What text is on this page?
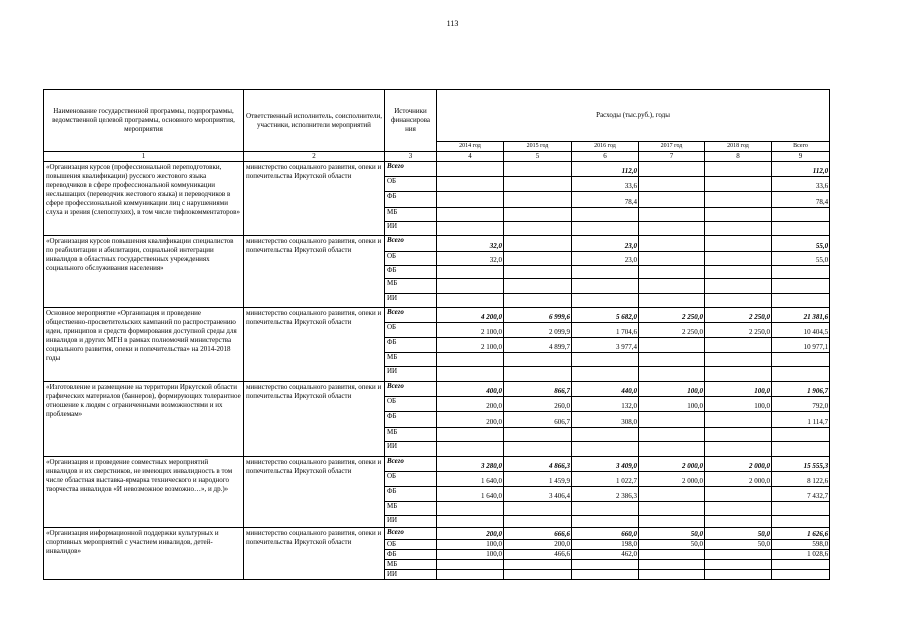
113
Наименование государственной программы, подпрограммы, ведомственной целевой программы, основного мероприятия, мероприятия	Ответственный исполнитель, соисполнители, участники, исполнители мероприятий	Источники финансирова ния	Расходы (тыс.руб.), годы					
			2014 год	2015 год	2016 год	2017 год	2018 год	Всего
1	2	3	4	5	6	7	8	9
«Организация курсов (профессиональной переподготовки, повышения квалификации) русского жестового языка переводчиков в сфере профессиональной коммуникации неслышащих (переводчик жестового языка) и переводчиков в сфере профессиональной коммуникации лиц с нарушениями слуха и зрения (слепоглухих), в том числе тифлокомментаторов»	министерство социального развития, опеки и попечительства Иркутской области	Всего			112,0			112,0
		ОБ			33,6			33,6
		ФБ			78,4			78,4
		МБ						
		ИИ						
«Организация курсов повышения квалификации специалистов по реабилитации и абилитации, социальной интеграции инвалидов в областных государственных учреждениях социального обслуживания населения»	министерство социального развития, опеки и попечительства Иркутской области	Всего	32,0		23,0			55,0
		ОБ	32,0		23,0			55,0
		ФБ						
		МБ						
		ИИ						
Основное мероприятие «Организация и проведение общественно-просветительских кампаний по распространению идеи, принципов и средств формирования доступной среды для инвалидов и других МГН в рамках полномочий министерства социального развития, опеки и попечительства» на 2014-2018 годы	министерство социального развития, опеки и попечительства Иркутской области	Всего	4 200,0	6 999,6	5 682,0	2 250,0	2 250,0	21 381,6
		ОБ	2 100,0	2 099,9	1 704,6	2 250,0	2 250,0	10 404,5
		ФБ	2 100,0	4 899,7	3 977,4			10 977,1
		МБ						
		ИИ						
«Изготовление и размещение на территории Иркутской области графических материалов (баннеров), формирующих толерантное отношение к людям с ограниченными возможностями и их проблемам»	министерство социального развития, опеки и попечительства Иркутской области	Всего	400,0	866,7	440,0	100,0	100,0	1 906,7
		ОБ	200,0	260,0	132,0	100,0	100,0	792,0
		ФБ	200,0	606,7	308,0			1 114,7
		МБ						
		ИИ						
«Организация и проведение совместных мероприятий инвалидов и их сверстников, не имеющих инвалидность в том числе областная выставка-ярмарка технического и народного творчества инвалидов «И невозможное возможно…», и др.)»	министерство социального развития, опеки и попечительства Иркутской области	Всего	3 280,0	4 866,3	3 409,0	2 000,0	2 000,0	15 555,3
		ОБ	1 640,0	1 459,9	1 022,7	2 000,0	2 000,0	8 122,6
		ФБ	1 640,0	3 406,4	2 386,3			7 432,7
		МБ						
		ИИ						
«Организация информационной поддержки культурных и спортивных мероприятий с участием инвалидов, детей-инвалидов»	министерство социального развития, опеки и попечительства Иркутской области	Всего	200,0	666,6	660,0	50,0	50,0	1 626,6
		ОБ	100,0	200,0	198,0	50,0	50,0	598,0
		ФБ	100,0	466,6	462,0			1 028,6
		МБ						
		ИИ						
